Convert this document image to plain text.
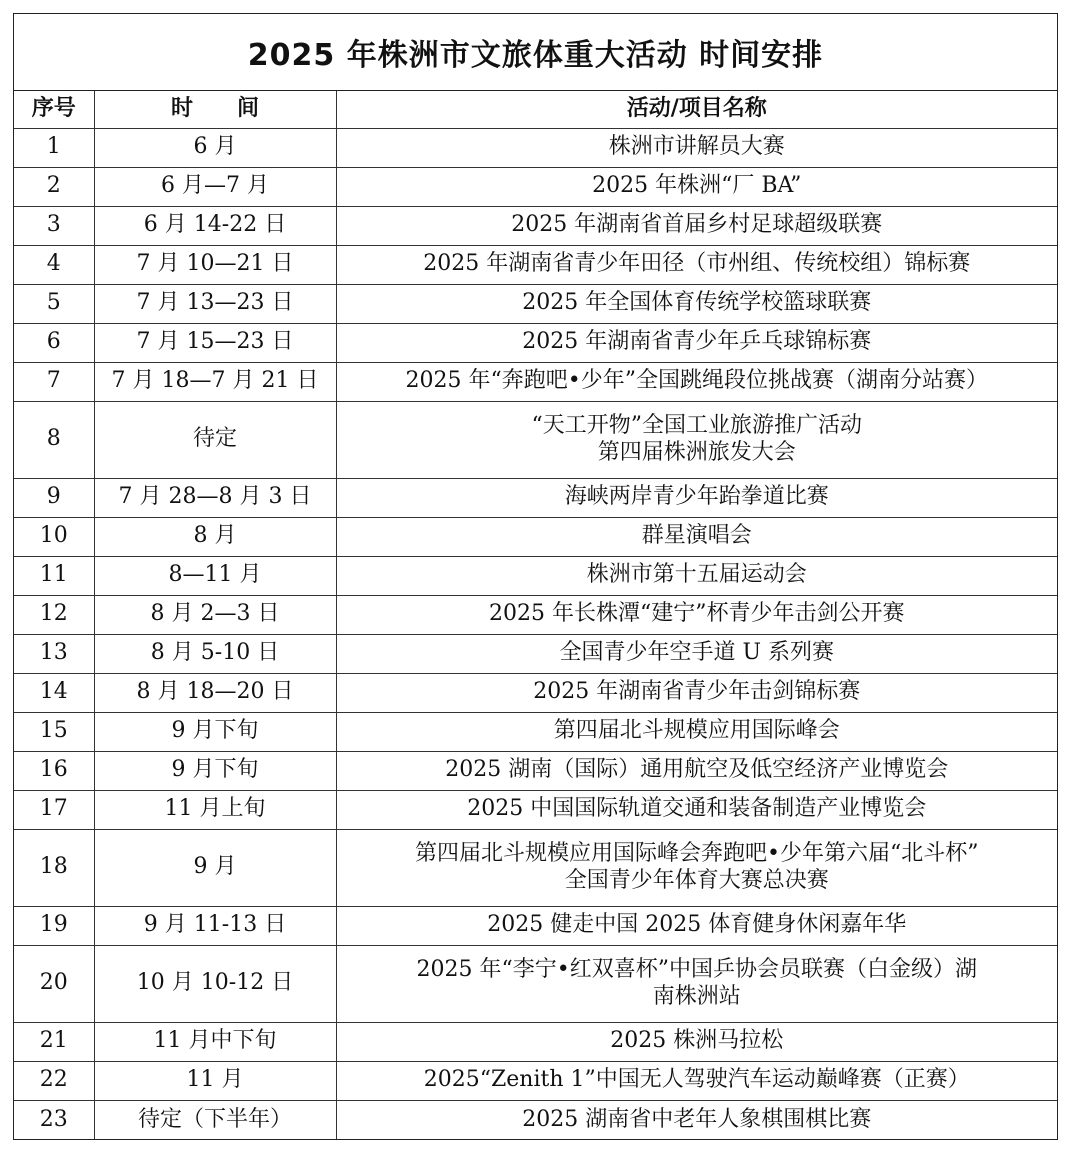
2025 年株洲市文旅体重大活动 时间安排
序号	时　　间	活动/项目名称
1	6 月	株洲市讲解员大赛
2	6 月—7 月	2025 年株洲“厂 BA”
3	6 月 14-22 日	2025 年湖南省首届乡村足球超级联赛
4	7 月 10—21 日	2025 年湖南省青少年田径（市州组、传统校组）锦标赛
5	7 月 13—23 日	2025 年全国体育传统学校篮球联赛
6	7 月 15—23 日	2025 年湖南省青少年乒乓球锦标赛
7	7 月 18—7 月 21 日	2025 年“奔跑吧•少年”全国跳绳段位挑战赛（湖南分站赛）
8	待定	“天工开物”全国工业旅游推广活动
第四届株洲旅发大会

9	7 月 28—8 月 3 日	海峡两岸青少年跆拳道比赛
10	8 月	群星演唱会
11	8—11 月	株洲市第十五届运动会
12	8 月 2—3 日	2025 年长株潭“建宁”杯青少年击剑公开赛
13	8 月 5-10 日	全国青少年空手道 U 系列赛
14	8 月 18—20 日	2025 年湖南省青少年击剑锦标赛
15	9 月下旬	第四届北斗规模应用国际峰会
16	9 月下旬	2025 湖南（国际）通用航空及低空经济产业博览会
17	11 月上旬	2025 中国国际轨道交通和装备制造产业博览会
18	9 月	第四届北斗规模应用国际峰会奔跑吧•少年第六届“北斗杯”
全国青少年体育大赛总决赛

19	9 月 11-13 日	2025 健走中国 2025 体育健身休闲嘉年华
20	10 月 10-12 日	2025 年“李宁•红双喜杯”中国乒协会员联赛（白金级）湖
南株洲站

21	11 月中下旬	2025 株洲马拉松
22	11 月	2025“Zenith 1”中国无人驾驶汽车运动巅峰赛（正赛）
23	待定（下半年）	2025 湖南省中老年人象棋围棋比赛
